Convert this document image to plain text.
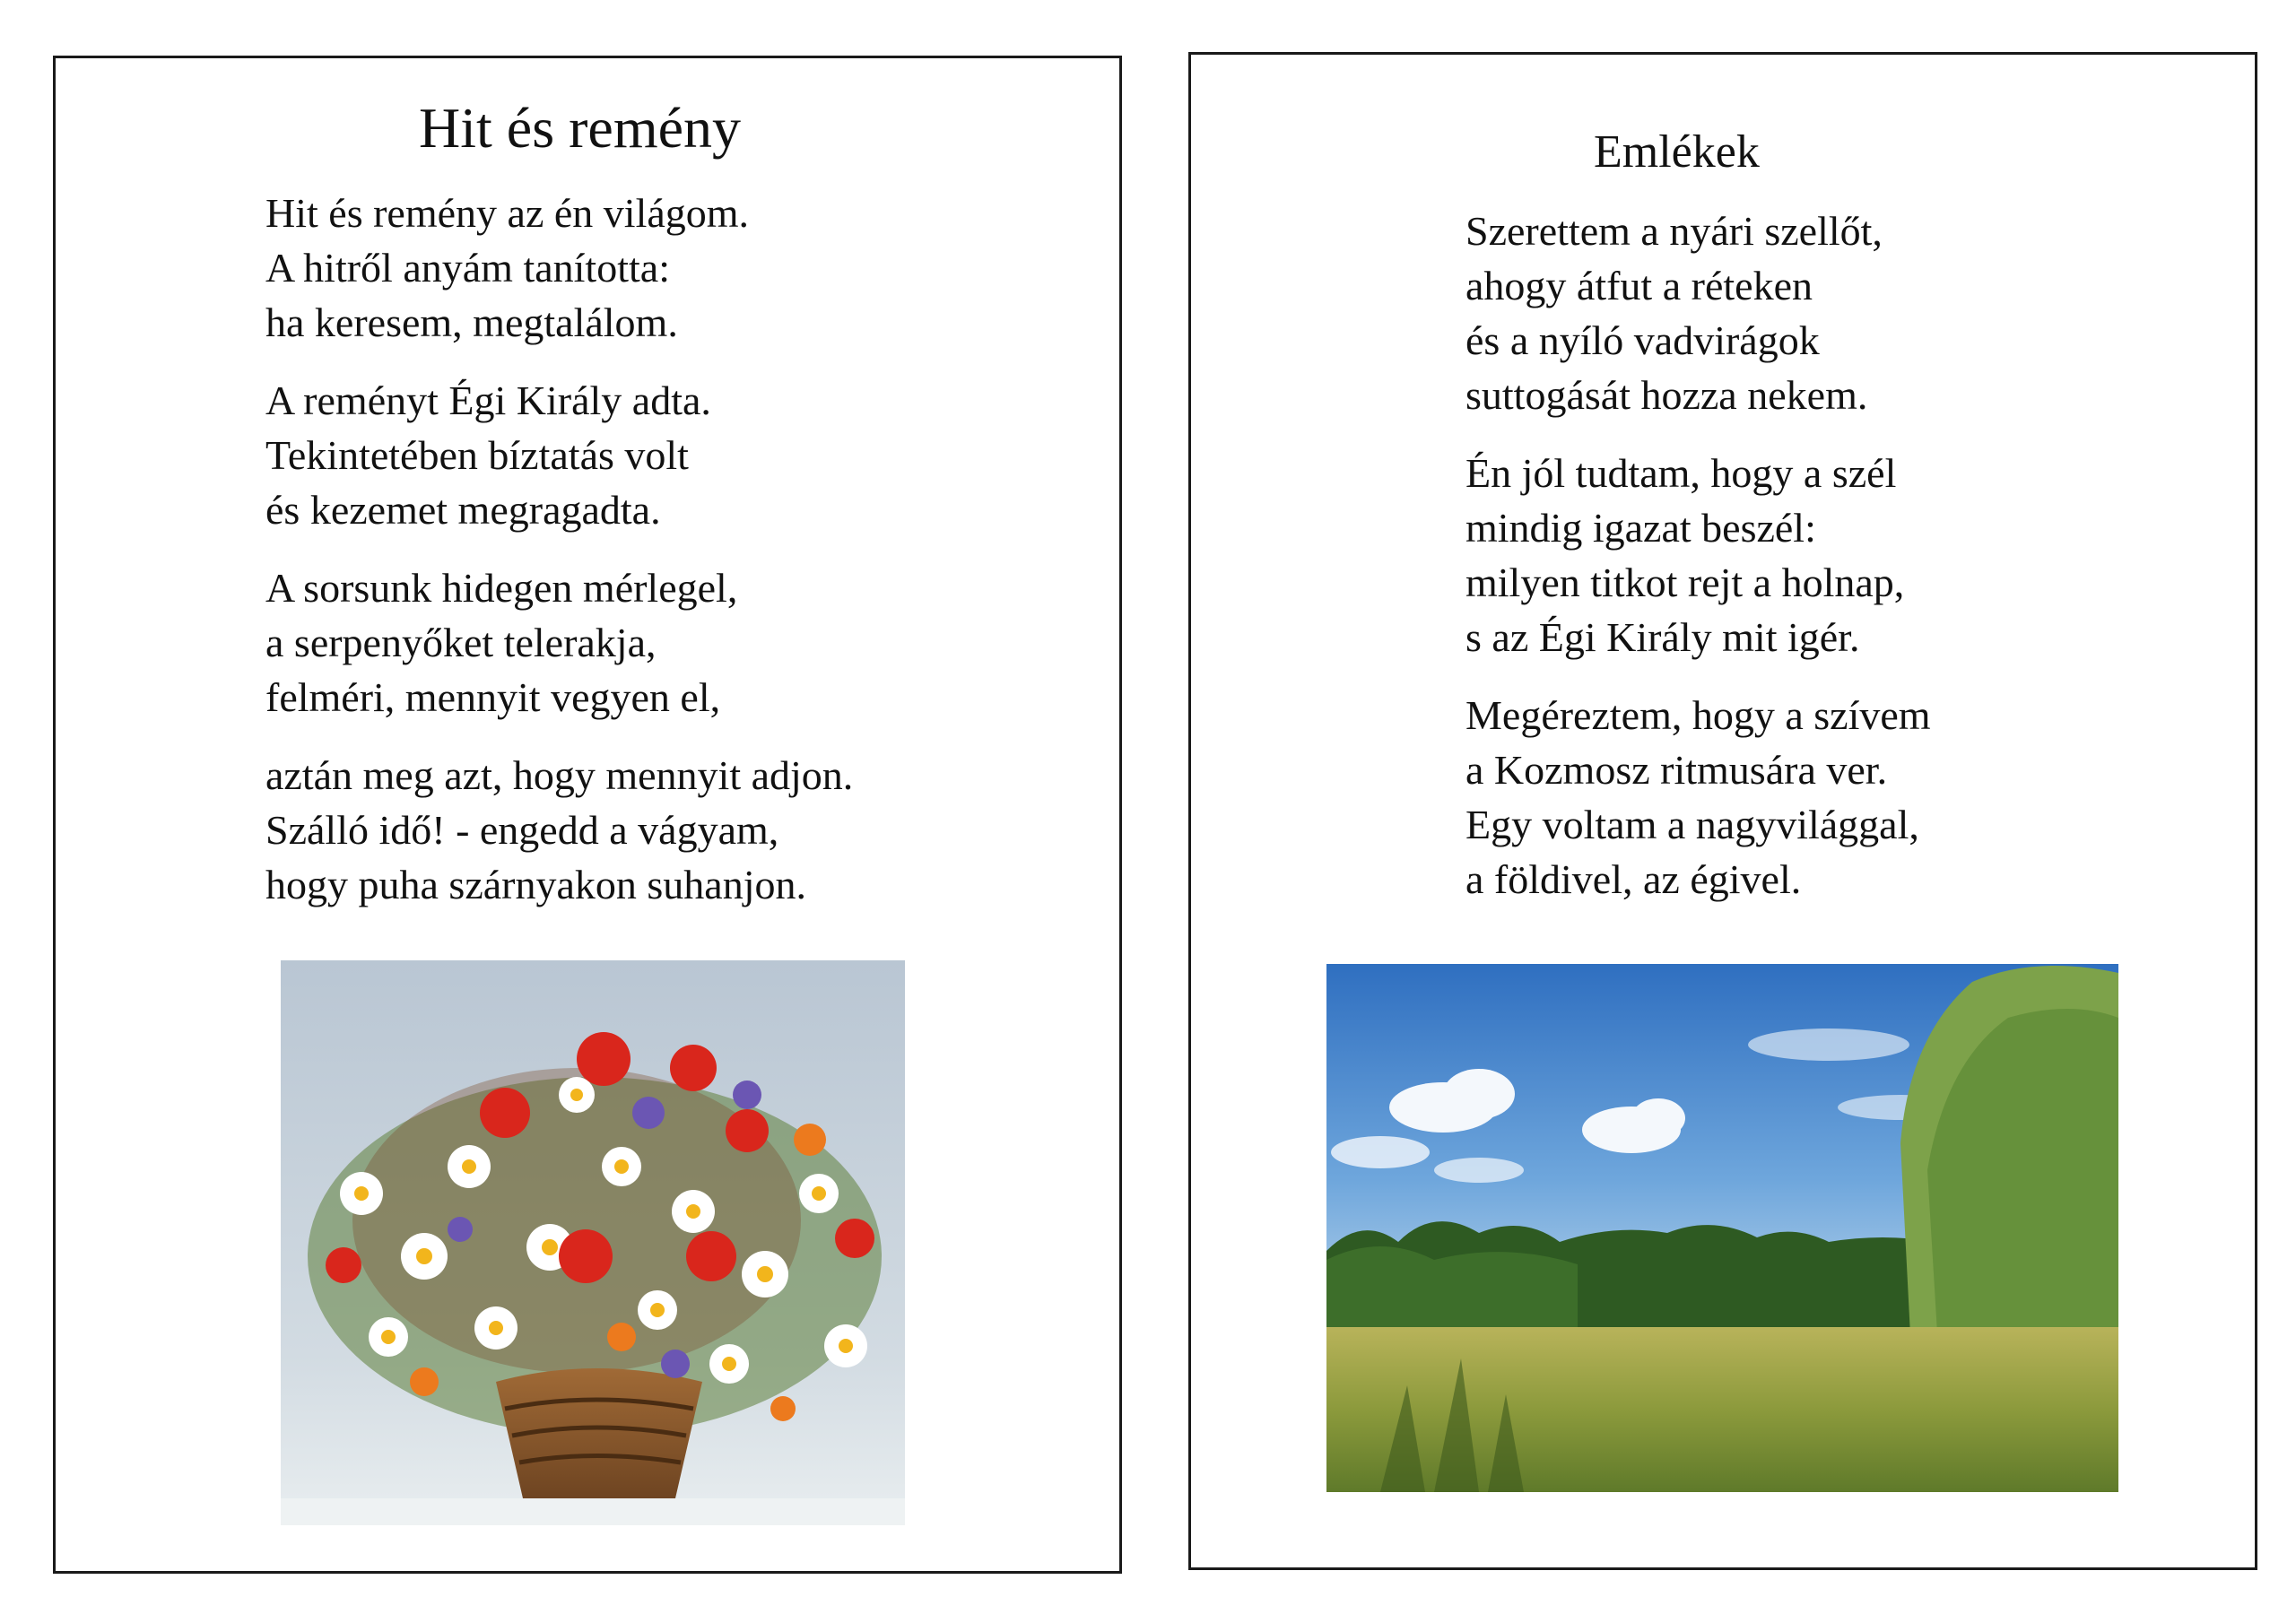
Hit és remény
Hit és remény az én világom.
A hitről anyám tanította:
ha keresem, megtalálom.
A reményt Égi Király adta.
Tekintetében bíztatás volt
és kezemet megragadta.
A sorsunk hidegen mérlegel,
a serpenyőket telerakja,
felméri, mennyit vegyen el,
aztán meg azt, hogy mennyit adjon.
Szálló idő! - engedd a vágyam,
hogy puha szárnyakon suhanjon.
Emlékek
Szerettem a nyári szellőt,
ahogy átfut a réteken
és a nyíló vadvirágok
suttogását hozza nekem.
Én jól tudtam, hogy a szél
mindig igazat beszél:
milyen titkot rejt a holnap,
s az Égi Király mit igér.
Megéreztem, hogy a szívem
a Kozmosz ritmusára ver.
Egy voltam a nagyvilággal,
a földivel, az égivel.
